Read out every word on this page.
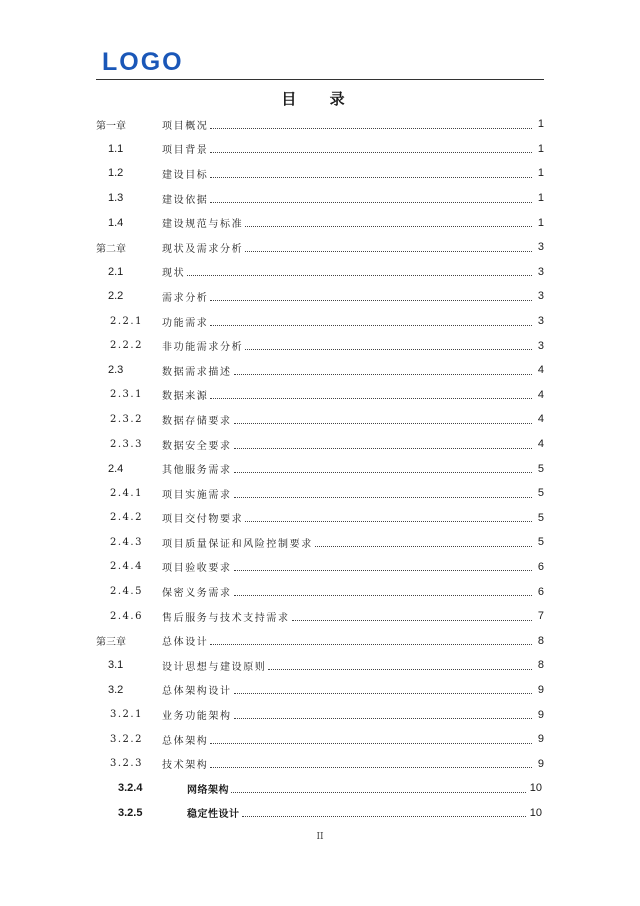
LOGO
目 录
第一章	项目概况	1
1.1	项目背景	1
1.2	建设目标	1
1.3	建设依据	1
1.4	建设规范与标准	1
第二章	现状及需求分析	3
2.1	现状	3
2.2	需求分析	3
2.2.1	功能需求	3
2.2.2	非功能需求分析	3
2.3	数据需求描述	4
2.3.1	数据来源	4
2.3.2	数据存储要求	4
2.3.3	数据安全要求	4
2.4	其他服务需求	5
2.4.1	项目实施需求	5
2.4.2	项目交付物要求	5
2.4.3	项目质量保证和风险控制要求	5
2.4.4	项目验收要求	6
2.4.5	保密义务需求	6
2.4.6	售后服务与技术支持需求	7
第三章	总体设计	8
3.1	设计思想与建设原则	8
3.2	总体架构设计	9
3.2.1	业务功能架构	9
3.2.2	总体架构	9
3.2.3	技术架构	9
3.2.4	网络架构	10
3.2.5	稳定性设计	10
II
